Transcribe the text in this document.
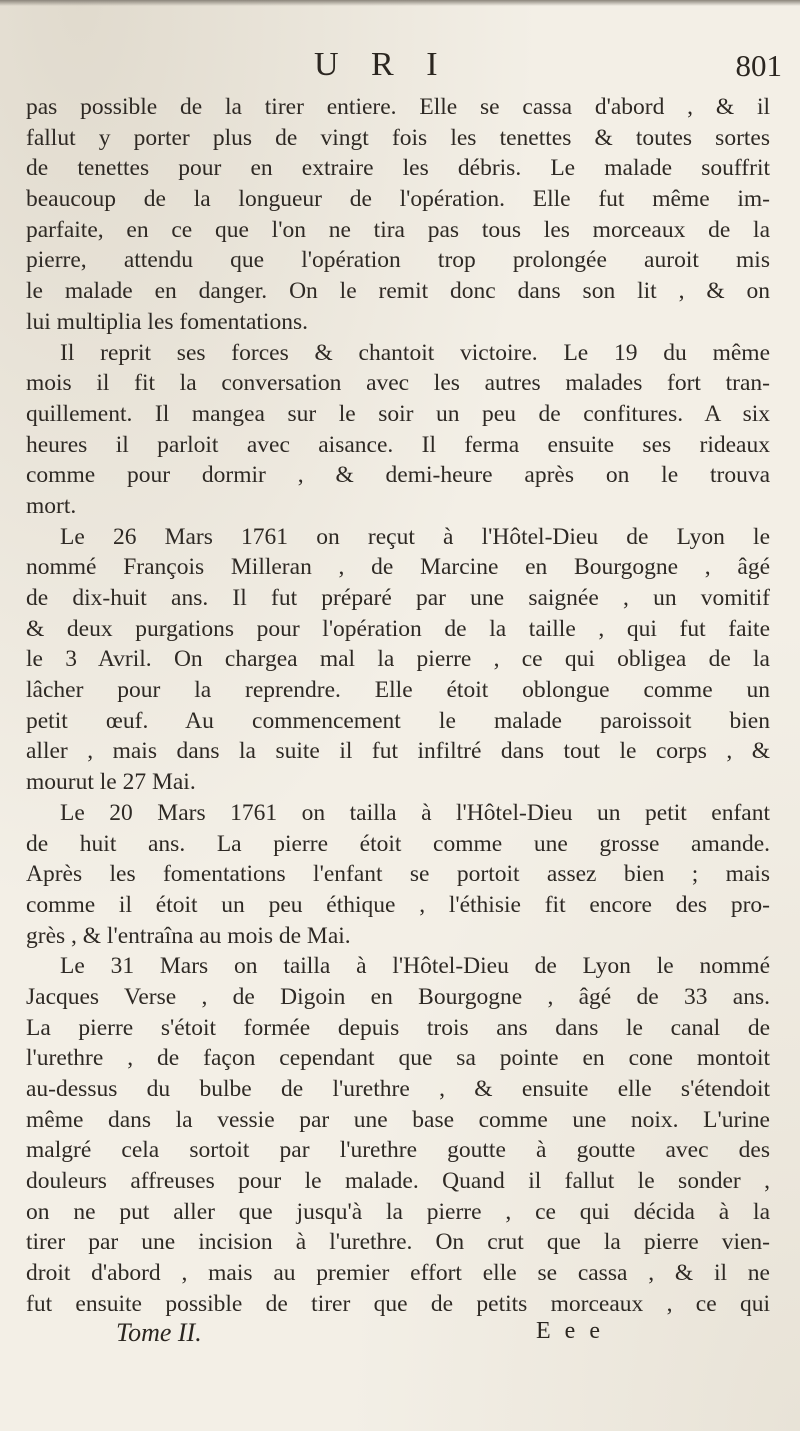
U R I	801
pas possible de la tirer entiere. Elle se cassa d'abord , & il
fallut y porter plus de vingt fois les tenettes & toutes sortes
de tenettes pour en extraire les débris. Le malade souffrit
beaucoup de la longueur de l'opération. Elle fut même im-
parfaite, en ce que l'on ne tira pas tous les morceaux de la
pierre, attendu que l'opération trop prolongée auroit mis
le malade en danger. On le remit donc dans son lit , & on
lui multiplia les fomentations.
Il reprit ses forces & chantoit victoire. Le 19 du même
mois il fit la conversation avec les autres malades fort tran-
quillement. Il mangea sur le soir un peu de confitures. A six
heures il parloit avec aisance. Il ferma ensuite ses rideaux
comme pour dormir , & demi-heure après on le trouva
mort.
Le 26 Mars 1761 on reçut à l'Hôtel-Dieu de Lyon le
nommé François Milleran , de Marcine en Bourgogne , âgé
de dix-huit ans. Il fut préparé par une saignée , un vomitif
& deux purgations pour l'opération de la taille , qui fut faite
le 3 Avril. On chargea mal la pierre , ce qui obligea de la
lâcher pour la reprendre. Elle étoit oblongue comme un
petit œuf. Au commencement le malade paroissoit bien
aller , mais dans la suite il fut infiltré dans tout le corps , &
mourut le 27 Mai.
Le 20 Mars 1761 on tailla à l'Hôtel-Dieu un petit enfant
de huit ans. La pierre étoit comme une grosse amande.
Après les fomentations l'enfant se portoit assez bien ; mais
comme il étoit un peu éthique , l'éthisie fit encore des pro-
grès , & l'entraîna au mois de Mai.
Le 31 Mars on tailla à l'Hôtel-Dieu de Lyon le nommé
Jacques Verse , de Digoin en Bourgogne , âgé de 33 ans.
La pierre s'étoit formée depuis trois ans dans le canal de
l'urethre , de façon cependant que sa pointe en cone montoit
au-dessus du bulbe de l'urethre , & ensuite elle s'étendoit
même dans la vessie par une base comme une noix. L'urine
malgré cela sortoit par l'urethre goutte à goutte avec des
douleurs affreuses pour le malade. Quand il fallut le sonder ,
on ne put aller que jusqu'à la pierre , ce qui décida à la
tirer par une incision à l'urethre. On crut que la pierre vien-
droit d'abord , mais au premier effort elle se cassa , & il ne
fut ensuite possible de tirer que de petits morceaux , ce qui
Tome II.	E e e
